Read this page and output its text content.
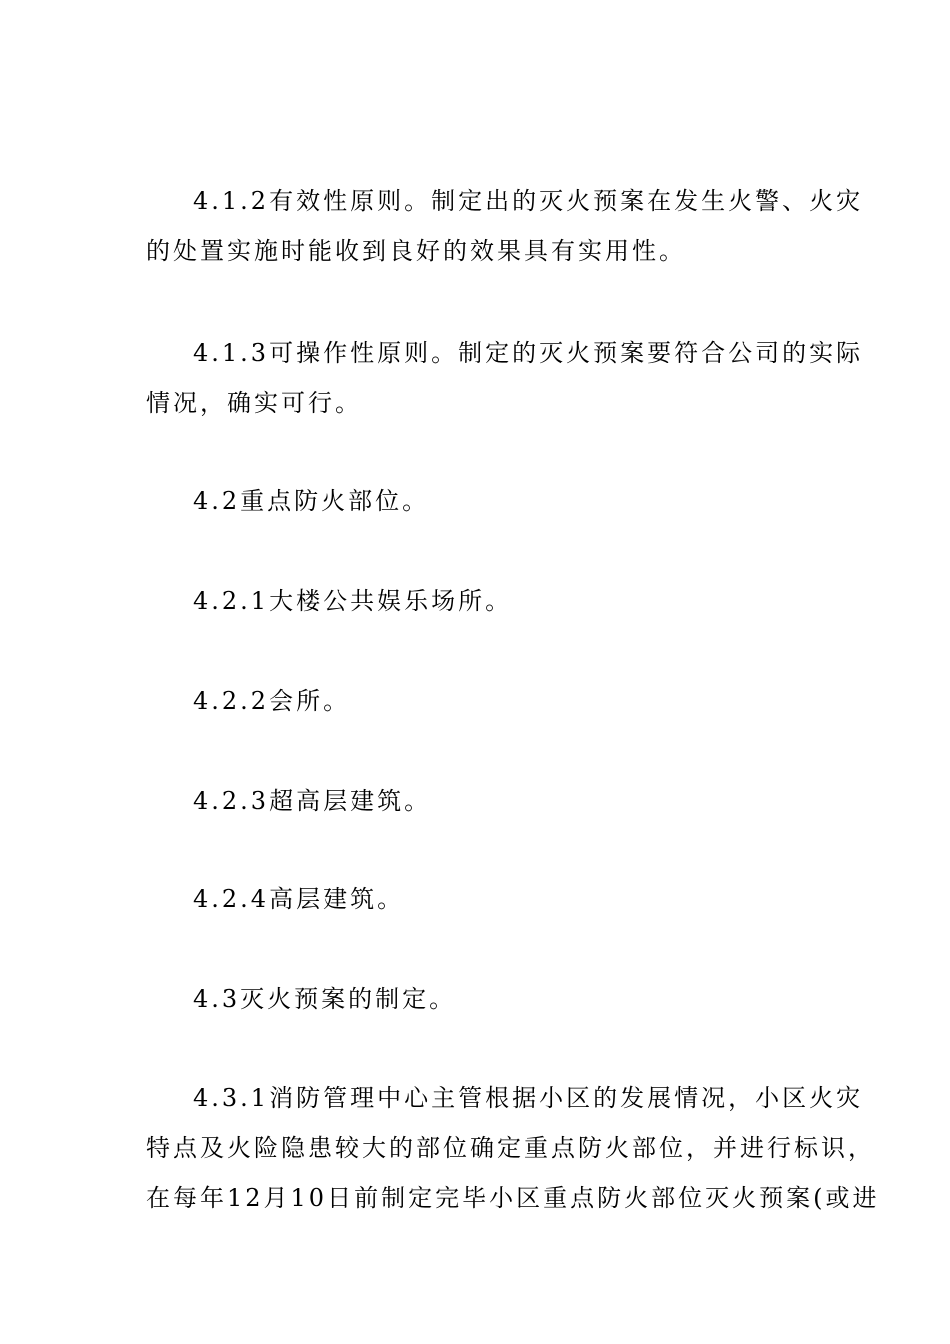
4.1.2有效性原则。制定出的灭火预案在发生火警、火灾
的处置实施时能收到良好的效果具有实用性。
4.1.3可操作性原则。制定的灭火预案要符合公司的实际
情况，确实可行。
4.2重点防火部位。
4.2.1大楼公共娱乐场所。
4.2.2会所。
4.2.3超高层建筑。
4.2.4高层建筑。
4.3灭火预案的制定。
4.3.1消防管理中心主管根据小区的发展情况，小区火灾
特点及火险隐患较大的部位确定重点防火部位，并进行标识，
在每年12月10日前制定完毕小区重点防火部位灭火预案(或进
